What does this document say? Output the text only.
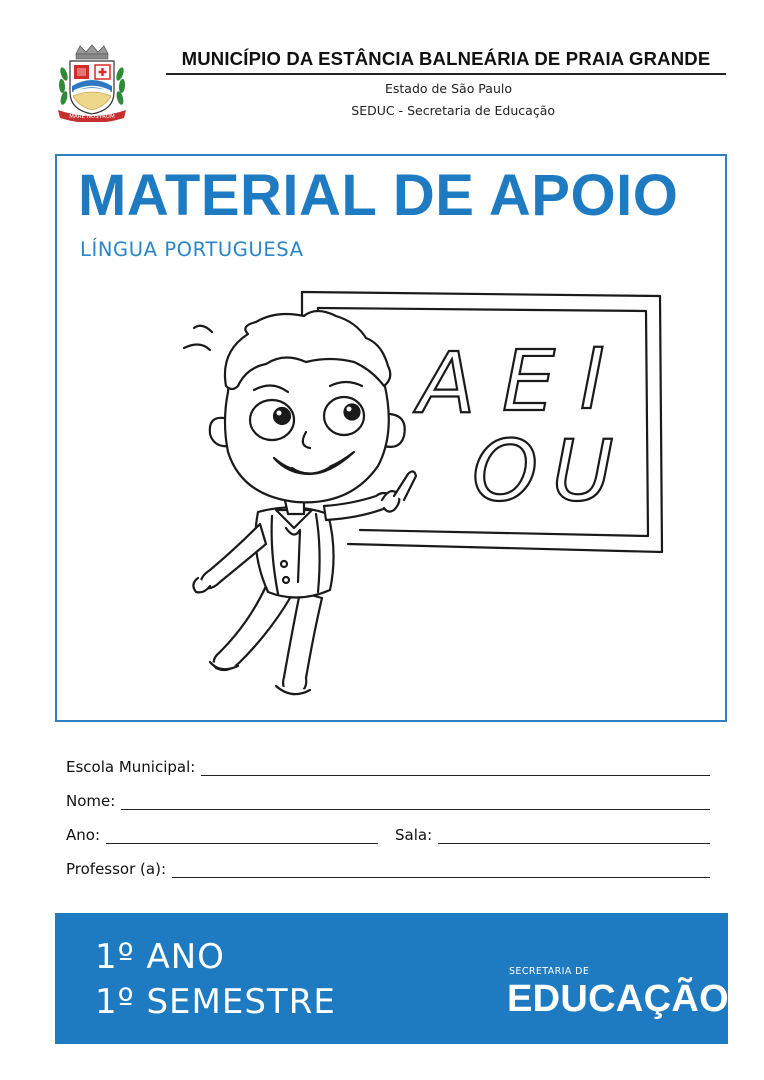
MARE NOSTRUM
MUNICÍPIO DA ESTÂNCIA BALNEÁRIA DE PRAIA GRANDE
Estado de São Paulo
SEDUC - Secretaria de Educação
MATERIAL DE APOIO
LÍNGUA PORTUGUESA
A E I
O U
Escola Municipal:
Nome:
Ano:	Sala:
Professor (a):
1º ANO
1º SEMESTRE
SECRETARIA DE
EDUCAÇÃO
